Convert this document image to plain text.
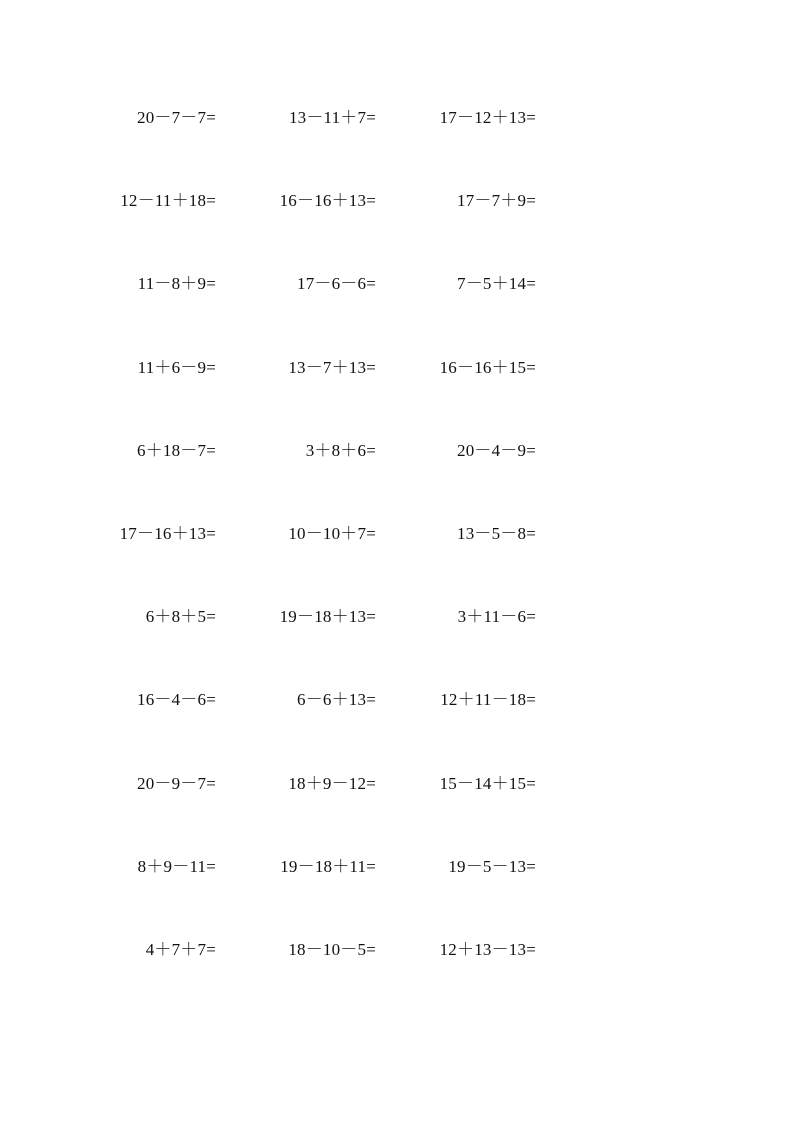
20－7－7=	13－11＋7=	17－12＋13=
12－11＋18=	16－16＋13=	17－7＋9=
11－8＋9=	17－6－6=	7－5＋14=
11＋6－9=	13－7＋13=	16－16＋15=
6＋18－7=	3＋8＋6=	20－4－9=
17－16＋13=	10－10＋7=	13－5－8=
6＋8＋5=	19－18＋13=	3＋11－6=
16－4－6=	6－6＋13=	12＋11－18=
20－9－7=	18＋9－12=	15－14＋15=
8＋9－11=	19－18＋11=	19－5－13=
4＋7＋7=	18－10－5=	12＋13－13=
